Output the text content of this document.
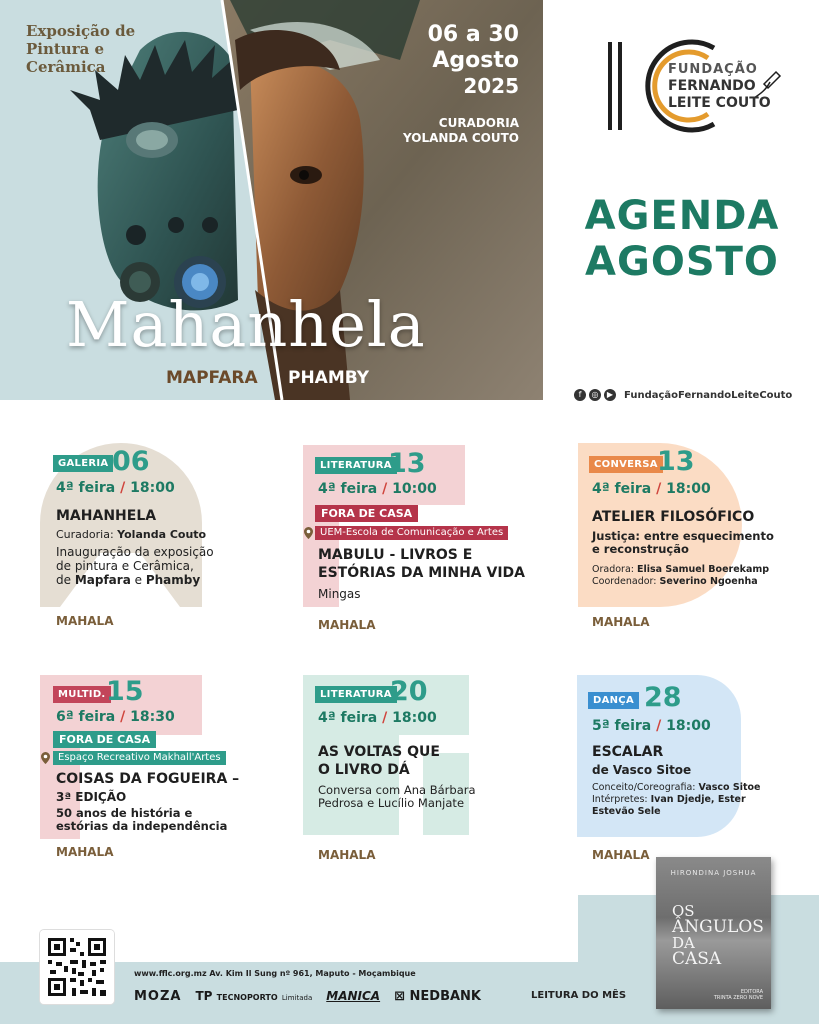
Exposição de
Pintura e
Cerâmica
06 a 30
Agosto
2025
CURADORIA
YOLANDA COUTO
Mahanhela
MAPFARA PHAMBY
FUNDAÇÃO
FERNANDO
LEITE COUTO
AGENDA
AGOSTO
f	◎	▶ FundaçãoFernandoLeiteCouto
GALERIA 06
4ª feira / 18:00
MAHANHELA
Curadoria: Yolanda Couto
Inauguração da exposição
de pintura e Cerâmica,
de Mapfara e Phamby
MAHALA
LITERATURA
13
4ª feira / 10:00
FORA DE CASA
UEM-Escola de Comunicação e Artes
MABULU - LIVROS E
ESTÓRIAS DA MINHA VIDA
Mingas
MAHALA
CONVERSA 13
4ª feira / 18:00
ATELIER FILOSÓFICO
Justiça: entre esquecimento
e reconstrução
Oradora: Elisa Samuel Boerekamp
Coordenador: Severino Ngoenha
MAHALA
MULTID. 15
6ª feira / 18:30
FORA DE CASA
Espaço Recreativo Makhall'Artes
COISAS DA FOGUEIRA –
3ª EDIÇÃO
50 anos de história e
estórias da independência
MAHALA
LITERATURA
20
4ª feira / 18:00
AS VOLTAS QUE
O LIVRO DÁ
Conversa com Ana Bárbara
Pedrosa e Lucílio Manjate
MAHALA
DANÇA 28
5ª feira / 18:00
ESCALAR
de Vasco Sitoe
Conceito/Coreografia: Vasco Sitoe
Intérpretes: Ivan Djedje, Ester
Estevão Sele
MAHALA
www.fflc.org.mz Av. Kim Il Sung nº 961, Maputo - Moçambique
MOZA TP TECNOPORTO Limitada MANICA ⊠ NEDBANK	LEITURA DO MÊS
HIRONDINA JOSHUA
OS
ÂNGULOS
DA
CASA
EDITORA
TRINTA ZERO NOVE
